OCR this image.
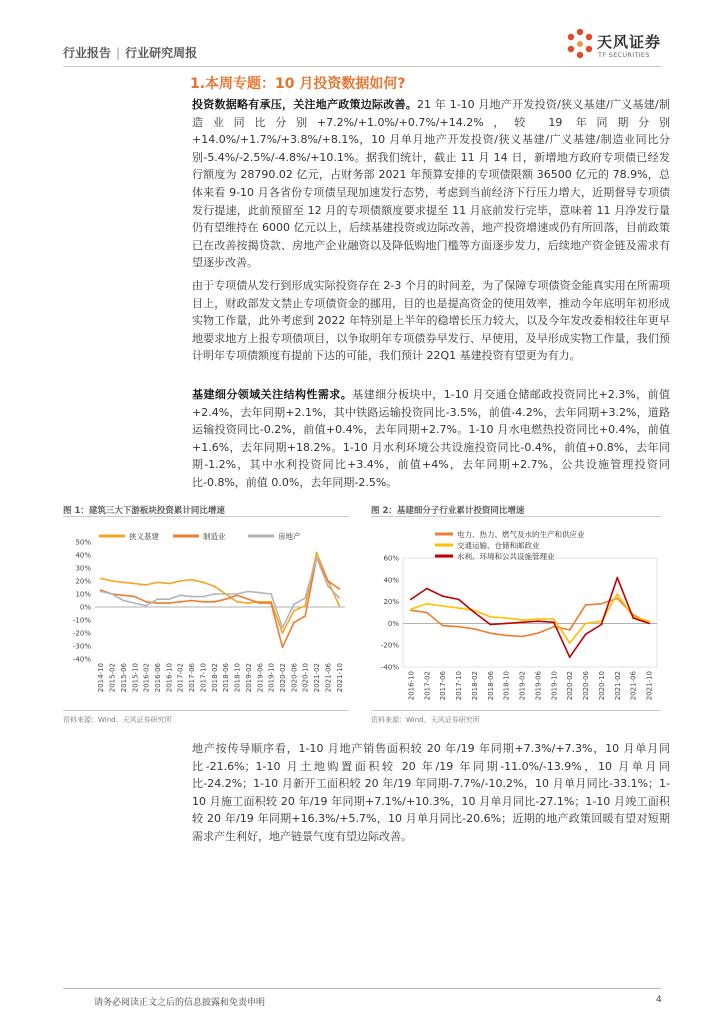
行业报告 | 行业研究周报
天风证券
TF SECURITIES
1.本周专题：10 月投资数据如何?

投资数据略有承压，关注地产政策边际改善。21 年 1-10 月地产开发投资/狭义基建/广义基建/制造业同比分别+7.2%/+1.0%/+0.7%/+14.2%，较 19 年同期分别+14.0%/+1.7%/+3.8%/+8.1%，10 月单月地产开发投资/狭义基建/广义基建/制造业同比分别-5.4%/-2.5%/-4.8%/+10.1%。据我们统计，截止 11 月 14 日，新增地方政府专项债已经发行额度为 28790.02 亿元，占财务部 2021 年预算安排的专项债限额 36500 亿元的 78.9%，总体来看 9-10 月各省份专项债呈现加速发行态势，考虑到当前经济下行压力增大，近期督导专项债发行提速，此前预留至 12 月的专项债额度要求提至 11 月底前发行完毕，意味着 11 月净发行量仍有望维持在 6000 亿元以上，后续基建投资或边际改善，地产投资增速或仍有所回落，目前政策已在改善按揭贷款、房地产企业融资以及降低购地门槛等方面逐步发力，后续地产资金链及需求有望逐步改善。

由于专项债从发行到形成实际投资存在 2-3 个月的时间差，为了保障专项债资金能真实用在所需项目上，财政部发文禁止专项债资金的挪用，目的也是提高资金的使用效率，推动今年底明年初形成实物工作量，此外考虑到 2022 年特别是上半年的稳增长压力较大，以及今年发改委相较往年更早地要求地方上报专项债项目，以争取明年专项债券早发行、早使用，及早形成实物工作量，我们预计明年专项债额度有提前下达的可能，我们预计 22Q1 基建投资有望更为有力。

基建细分领域关注结构性需求。基建细分板块中，1-10 月交通仓储邮政投资同比+2.3%，前值+2.4%，去年同期+2.1%，其中铁路运输投资同比-3.5%，前值-4.2%，去年同期+3.2%，道路运输投资同比-0.2%，前值+0.4%，去年同期+2.7%。1-10 月水电燃热投资同比+0.4%，前值+1.6%，去年同期+18.2%。1-10 月水利环境公共设施投资同比-0.4%，前值+0.8%，去年同期-1.2%，其中水利投资同比+3.4%，前值+4%，去年同期+2.7%，公共设施管理投资同比-0.8%，前值 0.0%，去年同期-2.5%。

图 1：建筑三大下游板块投资累计同比增速
50%
40%
30%
20%
10%
0%
-10%
-20%
-30%
-40%
2014-10 2015-02 2015-06 2015-10 2016-02 2016-06 2016-10 2017-02 2017-06 2017-10 2018-02 2018-06 2018-10 2019-02 2019-06 2019-10 2020-02 2020-06 2020-10 2021-02 2021-06 2021-10
狭义基建	制造业	房地产
资料来源：Wind、天风证券研究所
图 2：基建细分子行业累计投资同比增速
60%
40%
20%
0%
-20%
-40%
2016-10 2017-02 2017-06 2017-10 2018-02 2018-06 2018-10 2019-02 2019-06 2019-10 2020-02 2020-06 2020-10 2021-02 2021-06 2021-10
电力、热力、燃气及水的生产和供应业
交通运输、仓储和邮政业
水利、环境和公共设施管理业
资料来源：Wind、天风证券研究所

地产按传导顺序看，1-10 月地产销售面积较 20 年/19 年同期+7.3%/+7.3%，10 月单月同比-21.6%；1-10 月土地购置面积较 20 年/19 年同期-11.0%/-13.9%，10 月单月同比-24.2%；1-10 月新开工面积较 20 年/19 年同期-7.7%/-10.2%，10 月单月同比-33.1%；1-10 月施工面积较 20 年/19 年同期+7.1%/+10.3%，10 月单月同比-27.1%；1-10 月竣工面积较 20 年/19 年同期+16.3%/+5.7%，10 月单月同比-20.6%；近期的地产政策回暖有望对短期需求产生利好，地产链景气度有望边际改善。

请务必阅读正文之后的信息披露和免责申明	4
